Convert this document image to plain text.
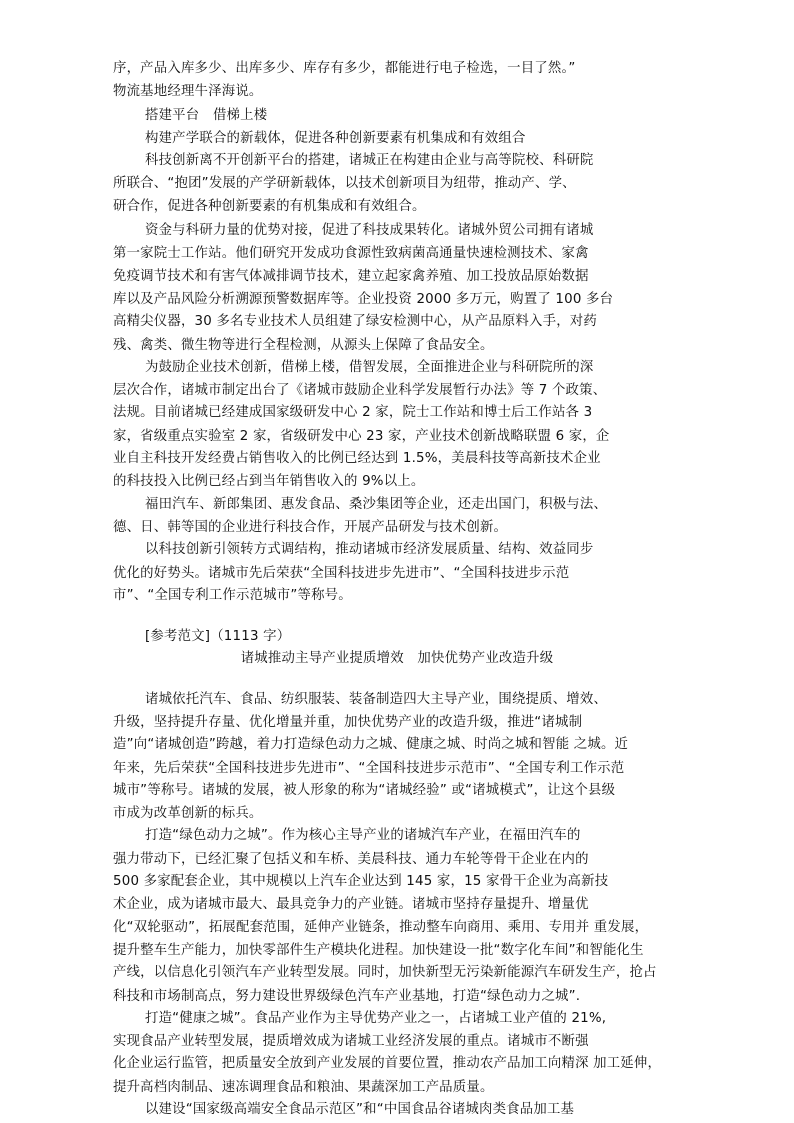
序，产品入库多少、出库多少、库存有多少，都能进行电子检选，一目了然。”
物流基地经理牛泽海说。
搭建平台　借梯上楼
构建产学联合的新载体，促进各种创新要素有机集成和有效组合
科技创新离不开创新平台的搭建，诸城正在构建由企业与高等院校、科研院
所联合、“抱团”发展的产学研新载体，以技术创新项目为纽带，推动产、学、
研合作，促进各种创新要素的有机集成和有效组合。
资金与科研力量的优势对接，促进了科技成果转化。诸城外贸公司拥有诸城
第一家院士工作站。他们研究开发成功食源性致病菌高通量快速检测技术、家禽
免疫调节技术和有害气体减排调节技术，建立起家禽养殖、加工投放品原始数据
库以及产品风险分析溯源预警数据库等。企业投资 2000 多万元，购置了 100 多台
高精尖仪器，30 多名专业技术人员组建了绿安检测中心，从产品原料入手，对药
残、禽类、微生物等进行全程检测，从源头上保障了食品安全。
为鼓励企业技术创新，借梯上楼，借智发展，全面推进企业与科研院所的深
层次合作，诸城市制定出台了《诸城市鼓励企业科学发展暂行办法》等 7 个政策、
法规。目前诸城已经建成国家级研发中心 2 家，院士工作站和博士后工作站各 3
家，省级重点实验室 2 家，省级研发中心 23 家，产业技术创新战略联盟 6 家，企
业自主科技开发经费占销售收入的比例已经达到 1.5%，美晨科技等高新技术企业
的科技投入比例已经占到当年销售收入的 9%以上。
福田汽车、新郎集团、惠发食品、桑沙集团等企业，还走出国门，积极与法、
德、日、韩等国的企业进行科技合作，开展产品研发与技术创新。
以科技创新引领转方式调结构，推动诸城市经济发展质量、结构、效益同步
优化的好势头。诸城市先后荣获“全国科技进步先进市”、“全国科技进步示范
市”、“全国专利工作示范城市”等称号。
[参考范文]（1113 字）
诸城推动主导产业提质增效　加快优势产业改造升级
诸城依托汽车、食品、纺织服装、装备制造四大主导产业，围绕提质、增效、
升级，坚持提升存量、优化增量并重，加快优势产业的改造升级，推进“诸城制
造”向“诸城创造”跨越，着力打造绿色动力之城、健康之城、时尚之城和智能 之城。近
年来，先后荣获“全国科技进步先进市”、“全国科技进步示范市”、“全国专利工作示范
城市”等称号。诸城的发展，被人形象的称为“诸城经验” 或“诸城模式”，让这个县级
市成为改革创新的标兵。
打造“绿色动力之城”。作为核心主导产业的诸城汽车产业，在福田汽车的
强力带动下，已经汇聚了包括义和车桥、美晨科技、通力车轮等骨干企业在内的
500 多家配套企业，其中规模以上汽车企业达到 145 家，15 家骨干企业为高新技
术企业，成为诸城市最大、最具竞争力的产业链。诸城市坚持存量提升、增量优
化“双轮驱动”，拓展配套范围，延伸产业链条，推动整车向商用、乘用、专用并 重发展，
提升整车生产能力，加快零部件生产模块化进程。加快建设一批“数字化车间”和智能化生
产线，以信息化引领汽车产业转型发展。同时，加快新型无污染新能源汽车研发生产，抢占
科技和市场制高点，努力建设世界级绿色汽车产业基地，打造“绿色动力之城”.
打造“健康之城”。食品产业作为主导优势产业之一，占诸城工业产值的 21%,
实现食品产业转型发展，提质增效成为诸城工业经济发展的重点。诸城市不断强
化企业运行监管，把质量安全放到产业发展的首要位置，推动农产品加工向精深 加工延伸，
提升高档肉制品、速冻调理食品和粮油、果蔬深加工产品质量。
以建设“国家级高端安全食品示范区”和“中国食品谷诸城肉类食品加工基
